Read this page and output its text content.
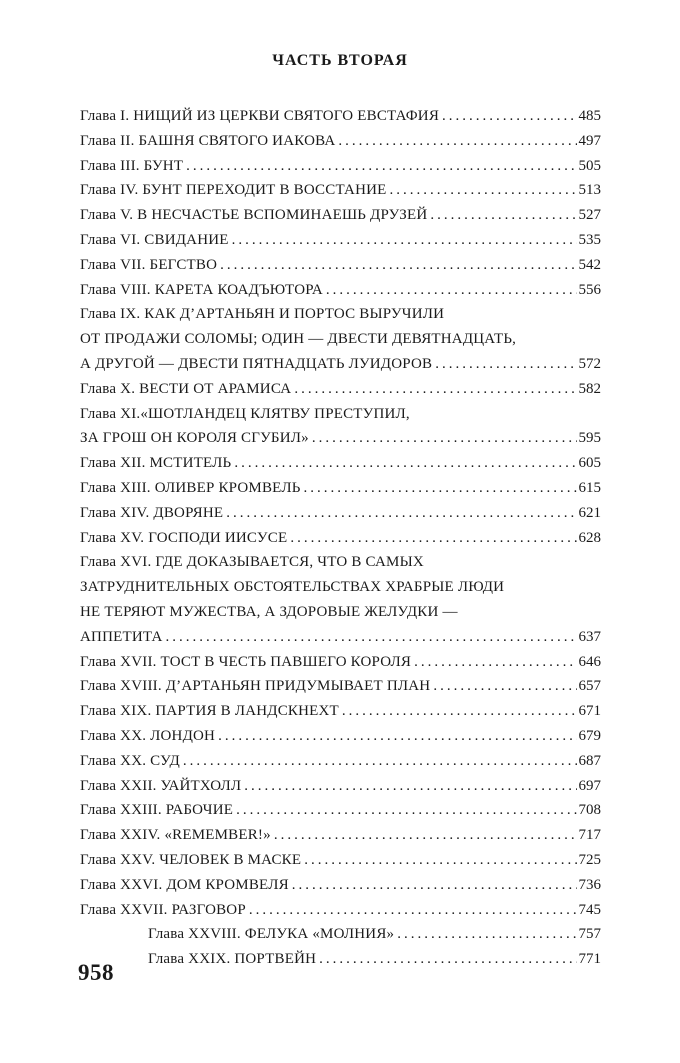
ЧАСТЬ ВТОРАЯ
Глава I. НИЩИЙ ИЗ ЦЕРКВИ СВЯТОГО ЕВСТАФИЯ .....	485
Глава II. БАШНЯ СВЯТОГО ИАКОВА .....	497
Глава III. БУНТ .....	505
Глава IV. БУНТ ПЕРЕХОДИТ В ВОССТАНИЕ .....	513
Глава V. В НЕСЧАСТЬЕ ВСПОМИНАЕШЬ ДРУЗЕЙ .....	527
Глава VI. СВИДАНИЕ .....	535
Глава VII. БЕГСТВО .....	542
Глава VIII. КАРЕТА КОАДЪЮТОРА .....	556
Глава IX. КАК Д’АРТАНЬЯН И ПОРТОС ВЫРУЧИЛИ
ОТ ПРОДАЖИ СОЛОМЫ; ОДИН — ДВЕСТИ ДЕВЯТНАДЦАТЬ,
А ДРУГОЙ — ДВЕСТИ ПЯТНАДЦАТЬ ЛУИДОРОВ .....	572
Глава X. ВЕСТИ ОТ АРАМИСА .....	582
Глава XI.«ШОТЛАНДЕЦ КЛЯТВУ ПРЕСТУПИЛ,
ЗА ГРОШ ОН КОРОЛЯ СГУБИЛ» .....	595
Глава XII. МСТИТЕЛЬ .....	605
Глава XIII. ОЛИВЕР КРОМВЕЛЬ .....	615
Глава XIV. ДВОРЯНЕ .....	621
Глава XV. ГОСПОДИ ИИСУСЕ .....	628
Глава XVI. ГДЕ ДОКАЗЫВАЕТСЯ, ЧТО В САМЫХ
ЗАТРУДНИТЕЛЬНЫХ ОБСТОЯТЕЛЬСТВАХ ХРАБРЫЕ ЛЮДИ
НЕ ТЕРЯЮТ МУЖЕСТВА, А ЗДОРОВЫЕ ЖЕЛУДКИ —
АППЕТИТА .....	637
Глава XVII. ТОСТ В ЧЕСТЬ ПАВШЕГО КОРОЛЯ .....	646
Глава XVIII. Д’АРТАНЬЯН ПРИДУМЫВАЕТ ПЛАН .....	657
Глава XIX. ПАРТИЯ В ЛАНДСКНЕХТ .....	671
Глава XX. ЛОНДОН .....	679
Глава XX. СУД .....	687
Глава XXII. УАЙТХОЛЛ .....	697
Глава XXIII. РАБОЧИЕ .....	708
Глава XXIV. «REMEMBER!» .....	717
Глава XXV. ЧЕЛОВЕК В МАСКЕ .....	725
Глава XXVI. ДОМ КРОМВЕЛЯ .....	736
Глава XXVII. РАЗГОВОР .....	745
Глава XXVIII. ФЕЛУКА «МОЛНИЯ» .....	757
Глава XXIX. ПОРТВЕЙН .....	771
958
